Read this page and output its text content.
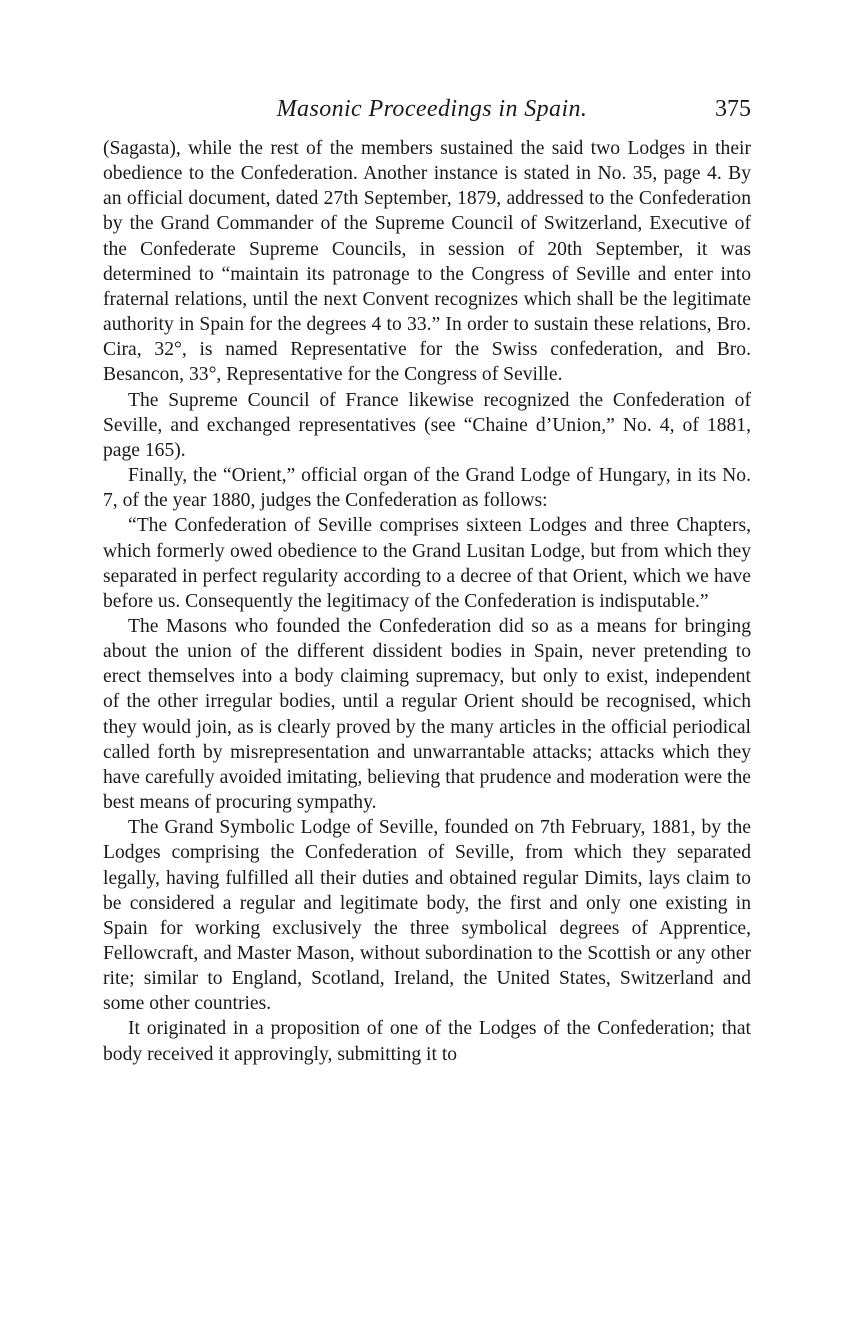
Masonic Proceedings in Spain.	375

(Sagasta), while the rest of the members sustained the said two Lodges in their obedience to the Confederation. Another instance is stated in No. 35, page 4. By an official document, dated 27th September, 1879, addressed to the Confederation by the Grand Commander of the Supreme Council of Switzerland, Executive of the Confederate Supreme Councils, in session of 20th September, it was determined to “maintain its patronage to the Congress of Seville and enter into fraternal relations, until the next Convent recognizes which shall be the legitimate authority in Spain for the degrees 4 to 33.” In order to sustain these relations, Bro. Cira, 32°, is named Representative for the Swiss confederation, and Bro. Besancon, 33°, Representative for the Congress of Seville.

The Supreme Council of France likewise recognized the Confederation of Seville, and exchanged representatives (see “Chaine d’Union,” No. 4, of 1881, page 165).

Finally, the “Orient,” official organ of the Grand Lodge of Hungary, in its No. 7, of the year 1880, judges the Confederation as follows:

“The Confederation of Seville comprises sixteen Lodges and three Chapters, which formerly owed obedience to the Grand Lusitan Lodge, but from which they separated in perfect regularity according to a decree of that Orient, which we have before us. Consequently the legitimacy of the Confederation is indisputable.”

The Masons who founded the Confederation did so as a means for bringing about the union of the different dissident bodies in Spain, never pretending to erect themselves into a body claiming supremacy, but only to exist, independent of the other irregular bodies, until a regular Orient should be recognised, which they would join, as is clearly proved by the many articles in the official periodical called forth by misrepresentation and unwarrantable attacks; attacks which they have carefully avoided imitating, believing that prudence and moderation were the best means of procuring sympathy.

The Grand Symbolic Lodge of Seville, founded on 7th February, 1881, by the Lodges comprising the Confederation of Seville, from which they separated legally, having fulfilled all their duties and obtained regular Dimits, lays claim to be considered a regular and legitimate body, the first and only one existing in Spain for working exclusively the three symbolical degrees of Apprentice, Fellowcraft, and Master Mason, without subordination to the Scottish or any other rite; similar to England, Scotland, Ireland, the United States, Switzerland and some other countries.

It originated in a proposition of one of the Lodges of the Confederation; that body received it approvingly, submitting it to
